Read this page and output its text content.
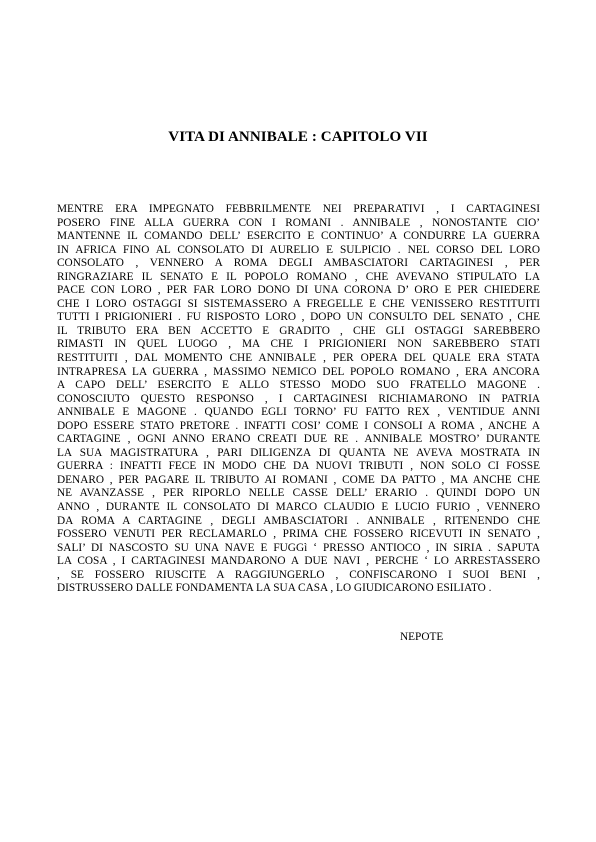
VITA DI ANNIBALE : CAPITOLO VII
MENTRE ERA IMPEGNATO FEBBRILMENTE NEI PREPARATIVI , I CARTAGINESI
POSERO FINE ALLA GUERRA CON I ROMANI . ANNIBALE , NONOSTANTE CIO’
MANTENNE IL COMANDO DELL’ ESERCITO E CONTINUO’ A CONDURRE LA GUERRA
IN AFRICA FINO AL CONSOLATO DI AURELIO E SULPICIO . NEL CORSO DEL LORO
CONSOLATO , VENNERO A ROMA DEGLI AMBASCIATORI CARTAGINESI , PER
RINGRAZIARE IL SENATO E IL POPOLO ROMANO , CHE AVEVANO STIPULATO LA
PACE CON LORO , PER FAR LORO DONO DI UNA CORONA D’ ORO E PER CHIEDERE
CHE I LORO OSTAGGI SI SISTEMASSERO A FREGELLE E CHE VENISSERO RESTITUITI
TUTTI I PRIGIONIERI . FU RISPOSTO LORO , DOPO UN CONSULTO DEL SENATO , CHE
IL TRIBUTO ERA BEN ACCETTO E GRADITO , CHE GLI OSTAGGI SAREBBERO
RIMASTI IN QUEL LUOGO , MA CHE I PRIGIONIERI NON SAREBBERO STATI
RESTITUITI , DAL MOMENTO CHE ANNIBALE , PER OPERA DEL QUALE ERA STATA
INTRAPRESA LA GUERRA , MASSIMO NEMICO DEL POPOLO ROMANO , ERA ANCORA
A CAPO DELL’ ESERCITO E ALLO STESSO MODO SUO FRATELLO MAGONE .
CONOSCIUTO QUESTO RESPONSO , I CARTAGINESI RICHIAMARONO IN PATRIA
ANNIBALE E MAGONE . QUANDO EGLI TORNO’ FU FATTO REX , VENTIDUE ANNI
DOPO ESSERE STATO PRETORE . INFATTI COSI’ COME I CONSOLI A ROMA , ANCHE A
CARTAGINE , OGNI ANNO ERANO CREATI DUE RE . ANNIBALE MOSTRO’ DURANTE
LA SUA MAGISTRATURA , PARI DILIGENZA DI QUANTA NE AVEVA MOSTRATA IN
GUERRA : INFATTI FECE IN MODO CHE DA NUOVI TRIBUTI , NON SOLO CI FOSSE
DENARO , PER PAGARE IL TRIBUTO AI ROMANI , COME DA PATTO , MA ANCHE CHE
NE AVANZASSE , PER RIPORLO NELLE CASSE DELL’ ERARIO . QUINDI DOPO UN
ANNO , DURANTE IL CONSOLATO DI MARCO CLAUDIO E LUCIO FURIO , VENNERO
DA ROMA A CARTAGINE , DEGLI AMBASCIATORI . ANNIBALE , RITENENDO CHE
FOSSERO VENUTI PER RECLAMARLO , PRIMA CHE FOSSERO RICEVUTI IN SENATO ,
SALI’ DI NASCOSTO SU UNA NAVE E FUGGì ‘ PRESSO ANTIOCO , IN SIRIA . SAPUTA
LA COSA , I CARTAGINESI MANDARONO A DUE NAVI , PERCHE ‘ LO ARRESTASSERO
, SE FOSSERO RIUSCITE A RAGGIUNGERLO , CONFISCARONO I SUOI BENI ,
DISTRUSSERO DALLE FONDAMENTA LA SUA CASA , LO GIUDICARONO ESILIATO .
NEPOTE
